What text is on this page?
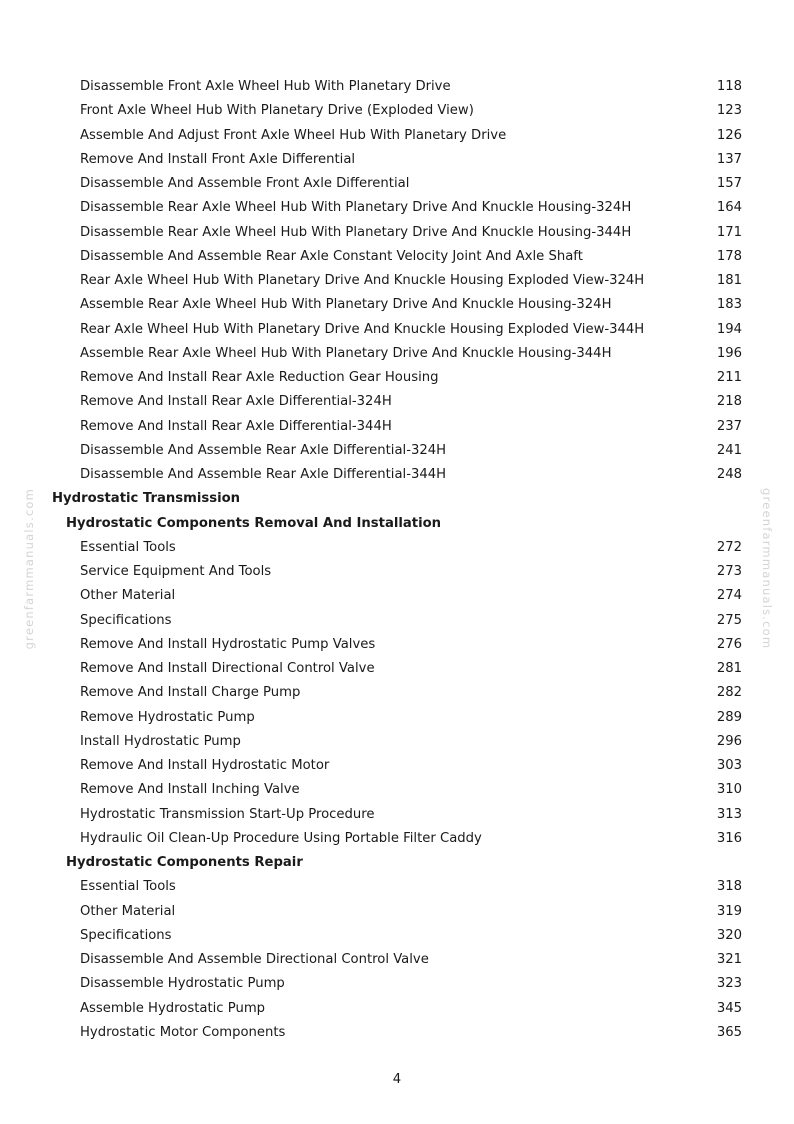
greenfarmmanuals.com	greenfarmmanuals.com
Disassemble Front Axle Wheel Hub With Planetary Drive	118
Front Axle Wheel Hub With Planetary Drive (Exploded View)	123
Assemble And Adjust Front Axle Wheel Hub With Planetary Drive	126
Remove And Install Front Axle Differential	137
Disassemble And Assemble Front Axle Differential	157
Disassemble Rear Axle Wheel Hub With Planetary Drive And Knuckle Housing-324H	164
Disassemble Rear Axle Wheel Hub With Planetary Drive And Knuckle Housing-344H	171
Disassemble And Assemble Rear Axle Constant Velocity Joint And Axle Shaft	178
Rear Axle Wheel Hub With Planetary Drive And Knuckle Housing Exploded View-324H	181
Assemble Rear Axle Wheel Hub With Planetary Drive And Knuckle Housing-324H	183
Rear Axle Wheel Hub With Planetary Drive And Knuckle Housing Exploded View-344H	194
Assemble Rear Axle Wheel Hub With Planetary Drive And Knuckle Housing-344H	196
Remove And Install Rear Axle Reduction Gear Housing	211
Remove And Install Rear Axle Differential-324H	218
Remove And Install Rear Axle Differential-344H	237
Disassemble And Assemble Rear Axle Differential-324H	241
Disassemble And Assemble Rear Axle Differential-344H	248
Hydrostatic Transmission
Hydrostatic Components Removal And Installation
Essential Tools	272
Service Equipment And Tools	273
Other Material	274
Specifications	275
Remove And Install Hydrostatic Pump Valves	276
Remove And Install Directional Control Valve	281
Remove And Install Charge Pump	282
Remove Hydrostatic Pump	289
Install Hydrostatic Pump	296
Remove And Install Hydrostatic Motor	303
Remove And Install Inching Valve	310
Hydrostatic Transmission Start-Up Procedure	313
Hydraulic Oil Clean-Up Procedure Using Portable Filter Caddy	316
Hydrostatic Components Repair
Essential Tools	318
Other Material	319
Specifications	320
Disassemble And Assemble Directional Control Valve	321
Disassemble Hydrostatic Pump	323
Assemble Hydrostatic Pump	345
Hydrostatic Motor Components	365
4
